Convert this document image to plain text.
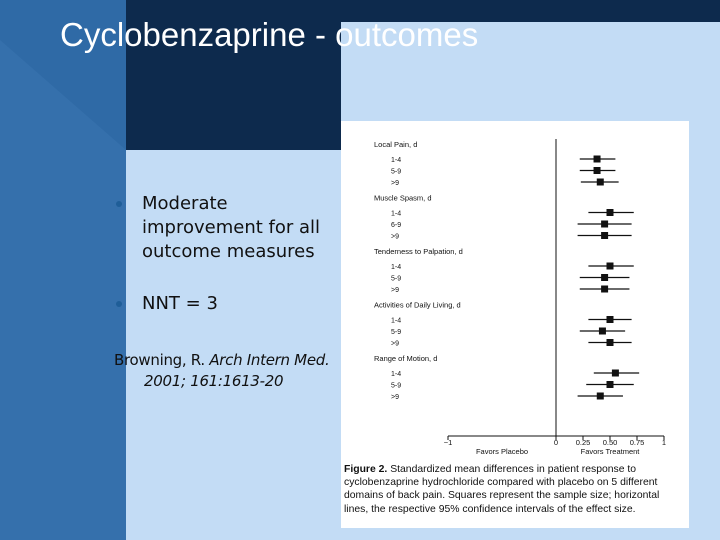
Cyclobenzaprine - outcomes
Moderate improvement for all outcome measures
NNT = 3
Browning, R. Arch Intern Med.
2001; 161:1613-20
Local Pain, d
1-4
5-9
>9
Muscle Spasm, d
1-4
6-9
>9
Tenderness to Palpation, d
1-4
5-9
>9
Activities of Daily Living, d
1-4
5-9
>9
Range of Motion, d
1-4
5-9
>9
−1	0 0.25 0.50 0.75 1
Favors Placebo	Favors Treatment
Figure 2. Standardized mean differences in patient response to cyclobenzaprine hydrochloride compared with placebo on 5 different domains of back pain. Squares represent the sample size; horizontal lines, the respective 95% confidence intervals of the effect size.
